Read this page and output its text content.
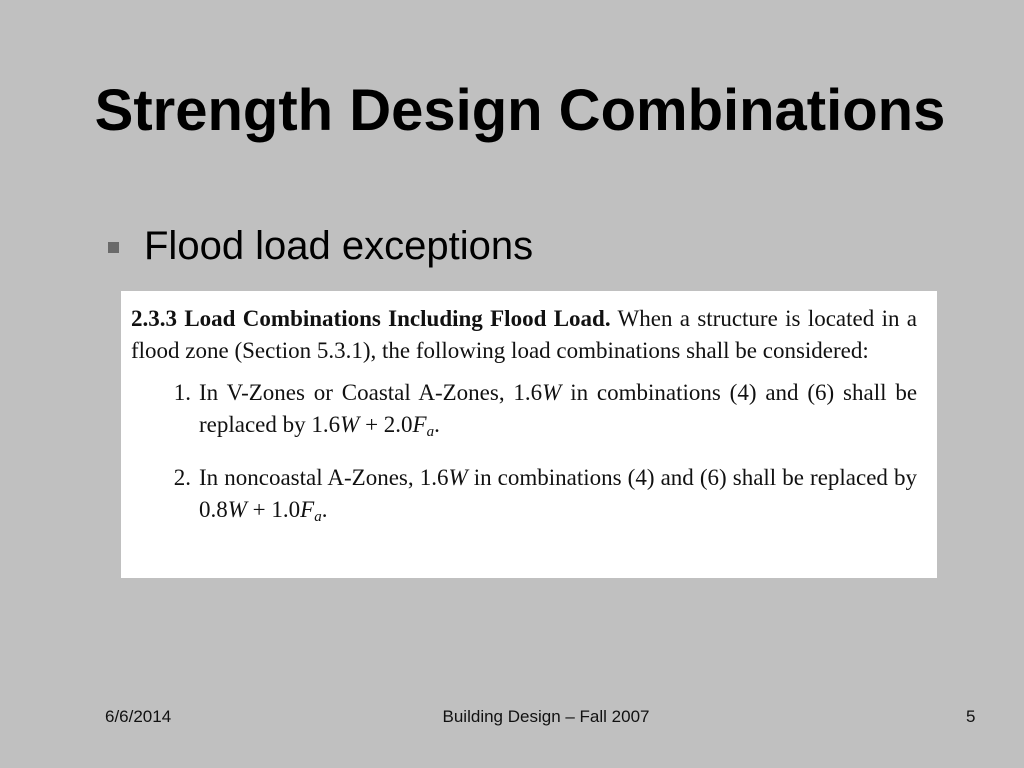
Strength Design Combinations
Flood load exceptions

2.3.3 Load Combinations Including Flood Load. When a structure is located in a flood zone (Section 5.3.1), the following load combinations shall be considered:

1. In V-Zones or Coastal A-Zones, 1.6W in combinations (4) and (6) shall be replaced by $1.6W + 2.0F_a$.
2. In noncoastal A-Zones, 1.6W in combinations (4) and (6) shall be replaced by $0.8W + 1.0F_a$.
6/6/2014	Building Design – Fall 2007	5
